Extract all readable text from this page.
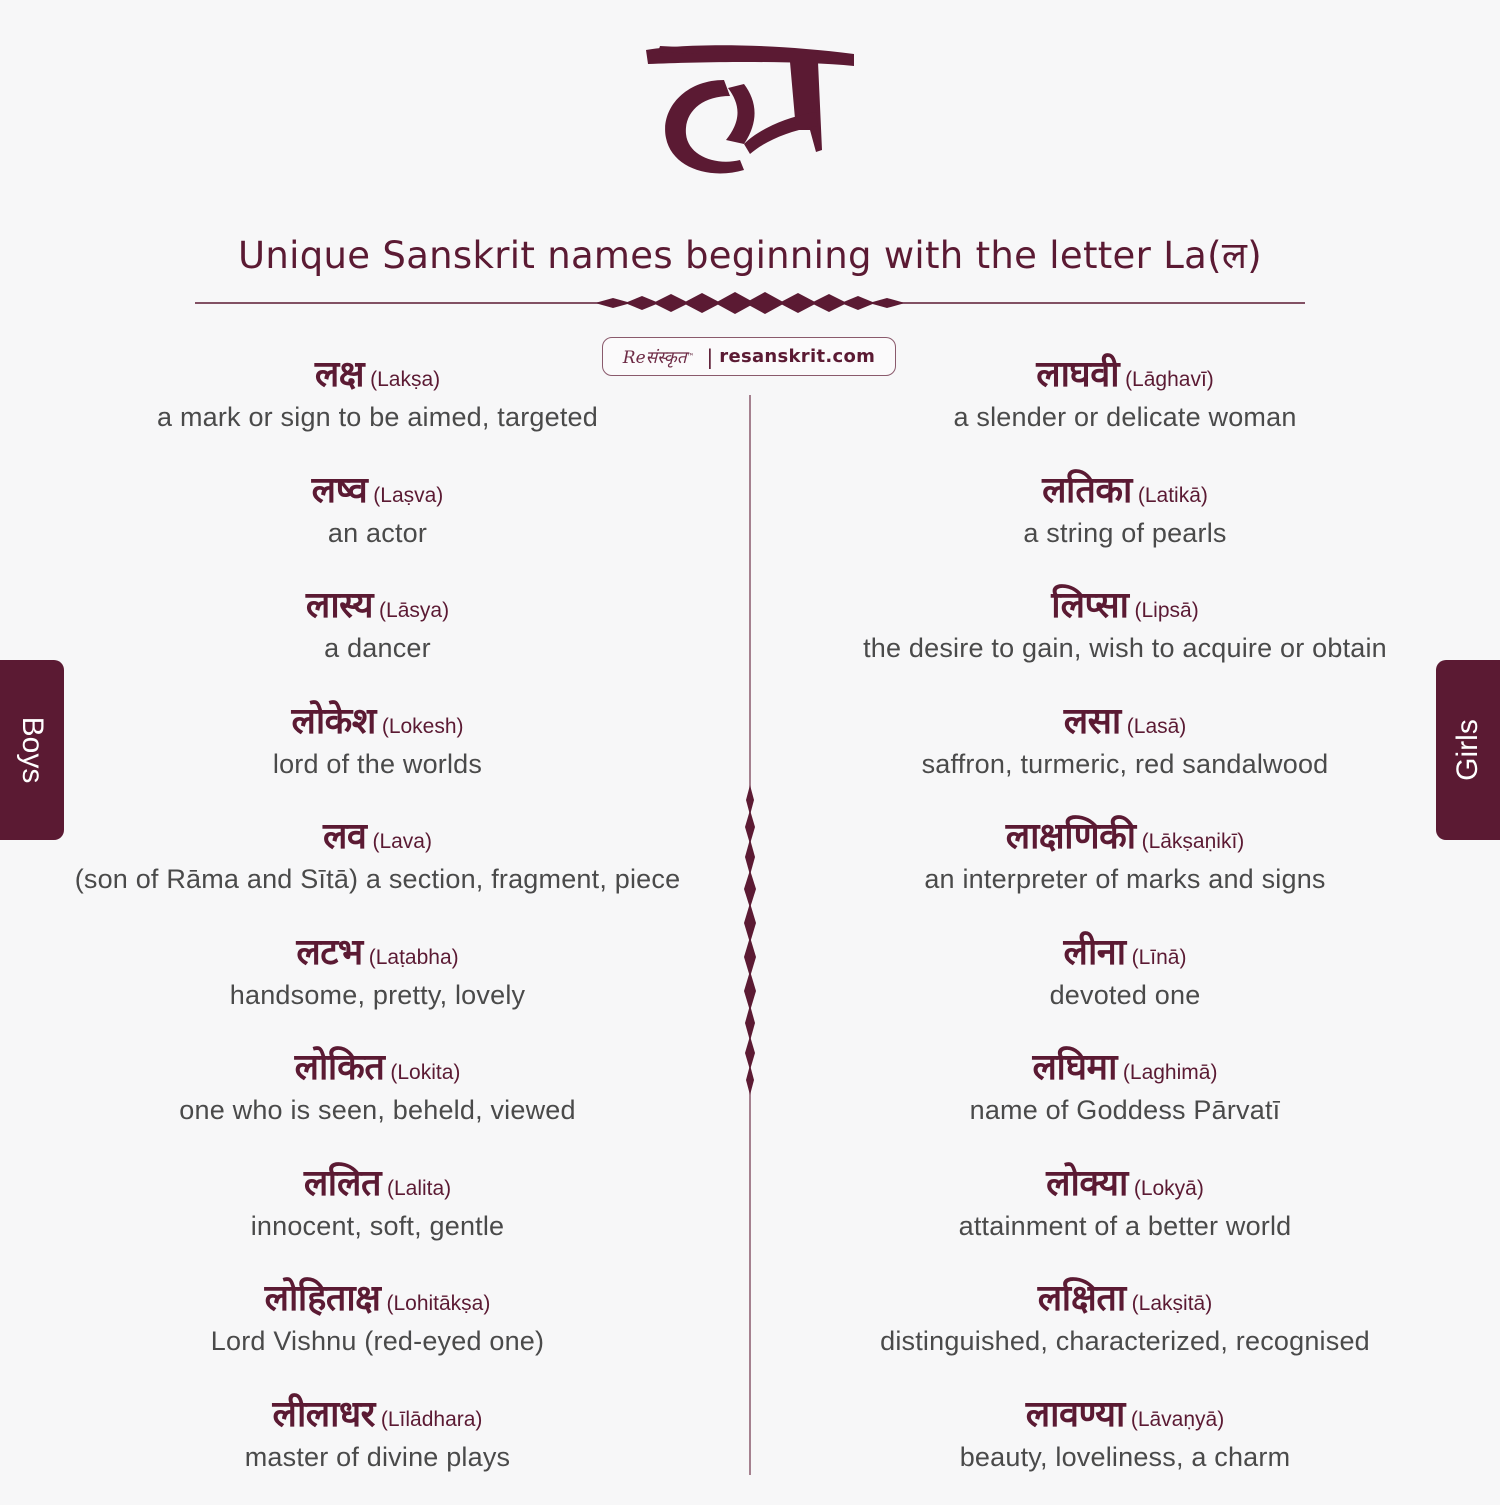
Unique Sanskrit names beginning with the letter La(ल)
Reसंस्कृत ™ | resanskrit.com
लक्ष (Lakṣa)
a mark or sign to be aimed, targeted
लष्व (Laṣva)
an actor
लास्य (Lāsya)
a dancer
लोकेश (Lokesh)
lord of the worlds
लव (Lava)
(son of Rāma and Sītā) a section, fragment, piece
लटभ (Laṭabha)
handsome, pretty, lovely
लोकित (Lokita)
one who is seen, beheld, viewed
ललित (Lalita)
innocent, soft, gentle
लोहिताक्ष (Lohitākṣa)
Lord Vishnu (red-eyed one)
लीलाधर (Līlādhara)
master of divine plays
लाघवी (Lāghavī)
a slender or delicate woman
लतिका (Latikā)
a string of pearls
लिप्सा (Lipsā)
the desire to gain, wish to acquire or obtain
लसा (Lasā)
saffron, turmeric, red sandalwood
लाक्षणिकी (Lākṣaṇikī)
an interpreter of marks and signs
लीना (Līnā)
devoted one
लघिमा (Laghimā)
name of Goddess Pārvatī
लोक्या (Lokyā)
attainment of a better world
लक्षिता (Lakṣitā)
distinguished, characterized, recognised
लावण्या (Lāvaṇyā)
beauty, loveliness, a charm
Boys	Girls
